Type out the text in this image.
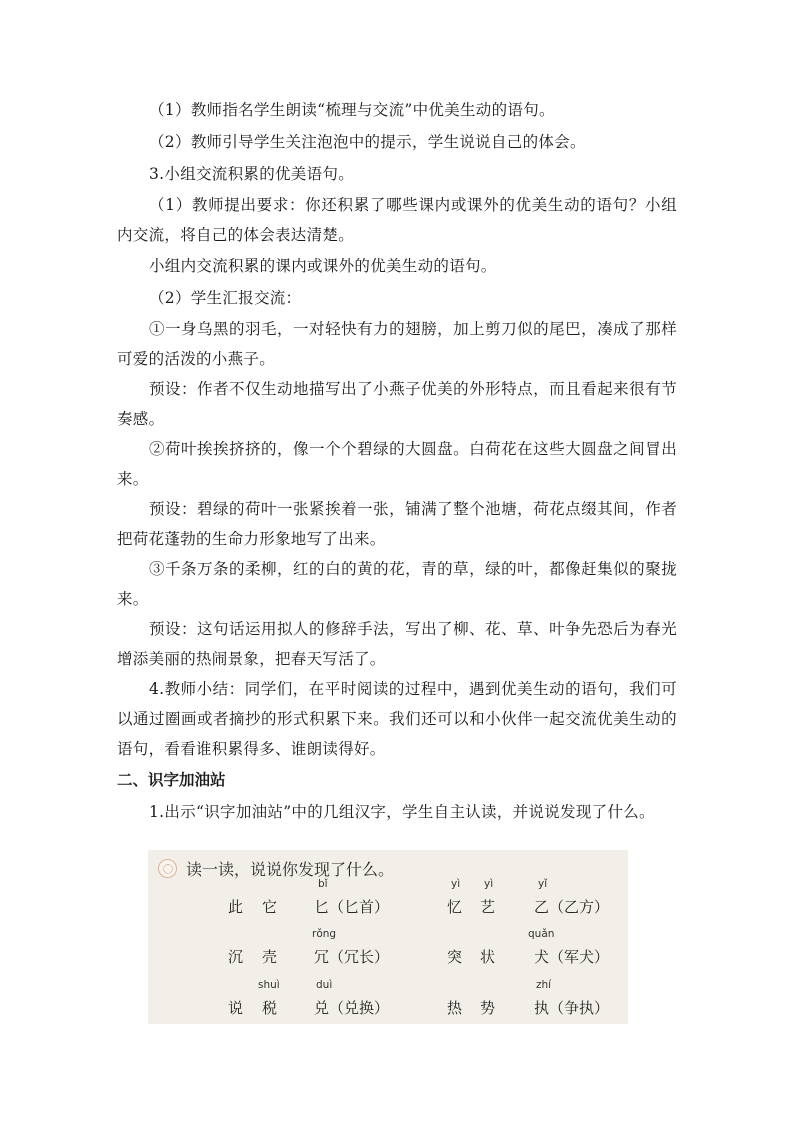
（1）教师指名学生朗读“梳理与交流”中优美生动的语句。

（2）教师引导学生关注泡泡中的提示，学生说说自己的体会。

3.小组交流积累的优美语句。

（1）教师提出要求：你还积累了哪些课内或课外的优美生动的语句？小组内交流，将自己的体会表达清楚。

小组内交流积累的课内或课外的优美生动的语句。

（2）学生汇报交流：

①一身乌黑的羽毛，一对轻快有力的翅膀，加上剪刀似的尾巴，凑成了那样可爱的活泼的小燕子。

预设：作者不仅生动地描写出了小燕子优美的外形特点，而且看起来很有节奏感。

②荷叶挨挨挤挤的，像一个个碧绿的大圆盘。白荷花在这些大圆盘之间冒出来。

预设：碧绿的荷叶一张紧挨着一张，铺满了整个池塘，荷花点缀其间，作者把荷花蓬勃的生命力形象地写了出来。

③千条万条的柔柳，红的白的黄的花，青的草，绿的叶，都像赶集似的聚拢来。

预设：这句话运用拟人的修辞手法，写出了柳、花、草、叶争先恐后为春光增添美丽的热闹景象，把春天写活了。

4.教师小结：同学们，在平时阅读的过程中，遇到优美生动的语句，我们可以通过圈画或者摘抄的形式积累下来。我们还可以和小伙伴一起交流优美生动的语句，看看谁积累得多、谁朗读得好。

二、识字加油站

1.出示“识字加油站”中的几组汉字，学生自主认读，并说说发现了什么。

读一读，说说你发现了什么。
此 它
bǐ
匕（匕首）
yì
忆
yì
艺
yǐ
乙（乙方）
沉 壳
rǒng
冗（冗长）	突 状
quǎn
犬（军犬）
说
shuì
税
duì
兑（兑换）	热 势
zhí
执（争执）
